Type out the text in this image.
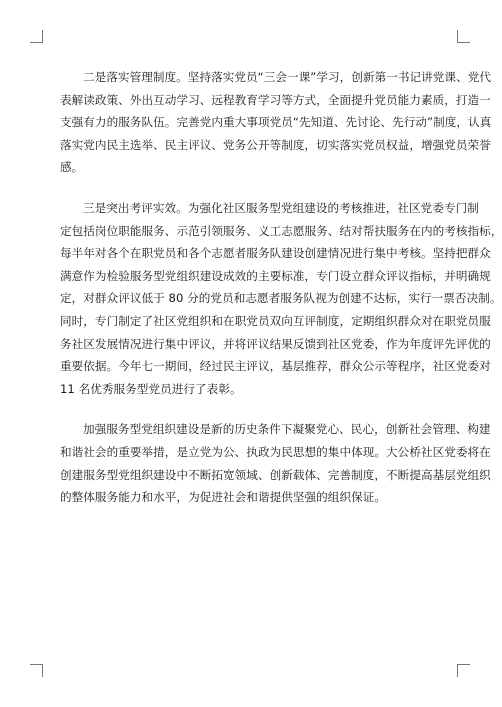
二是落实管理制度。坚持落实党员“三会一课”学习，创新第一书记讲党课、党代
表解读政策、外出互动学习、远程教育学习等方式，全面提升党员能力素质，打造一
支强有力的服务队伍。完善党内重大事项党员“先知道、先讨论、先行动”制度，认真
落实党内民主选举、民主评议、党务公开等制度，切实落实党员权益，增强党员荣誉
感。

三是突出考评实效。为强化社区服务型党组建设的考核推进，社区党委专门制
定包括岗位职能服务、示范引领服务、义工志愿服务、结对帮扶服务在内的考核指标，
每半年对各个在职党员和各个志愿者服务队建设创建情况进行集中考核。坚持把群众
满意作为检验服务型党组织建设成效的主要标准，专门设立群众评议指标，并明确规
定，对群众评议低于 80 分的党员和志愿者服务队视为创建不达标，实行一票否决制。
同时，专门制定了社区党组织和在职党员双向互评制度，定期组织群众对在职党员服
务社区发展情况进行集中评议，并将评议结果反馈到社区党委，作为年度评先评优的
重要依据。今年七一期间，经过民主评议，基层推荐，群众公示等程序，社区党委对
11 名优秀服务型党员进行了表彰。

加强服务型党组织建设是新的历史条件下凝聚党心、民心，创新社会管理、构建
和谐社会的重要举措，是立党为公、执政为民思想的集中体现。大公桥社区党委将在
创建服务型党组织建设中不断拓宽领域、创新载体、完善制度，不断提高基层党组织
的整体服务能力和水平，为促进社会和谐提供坚强的组织保证。
